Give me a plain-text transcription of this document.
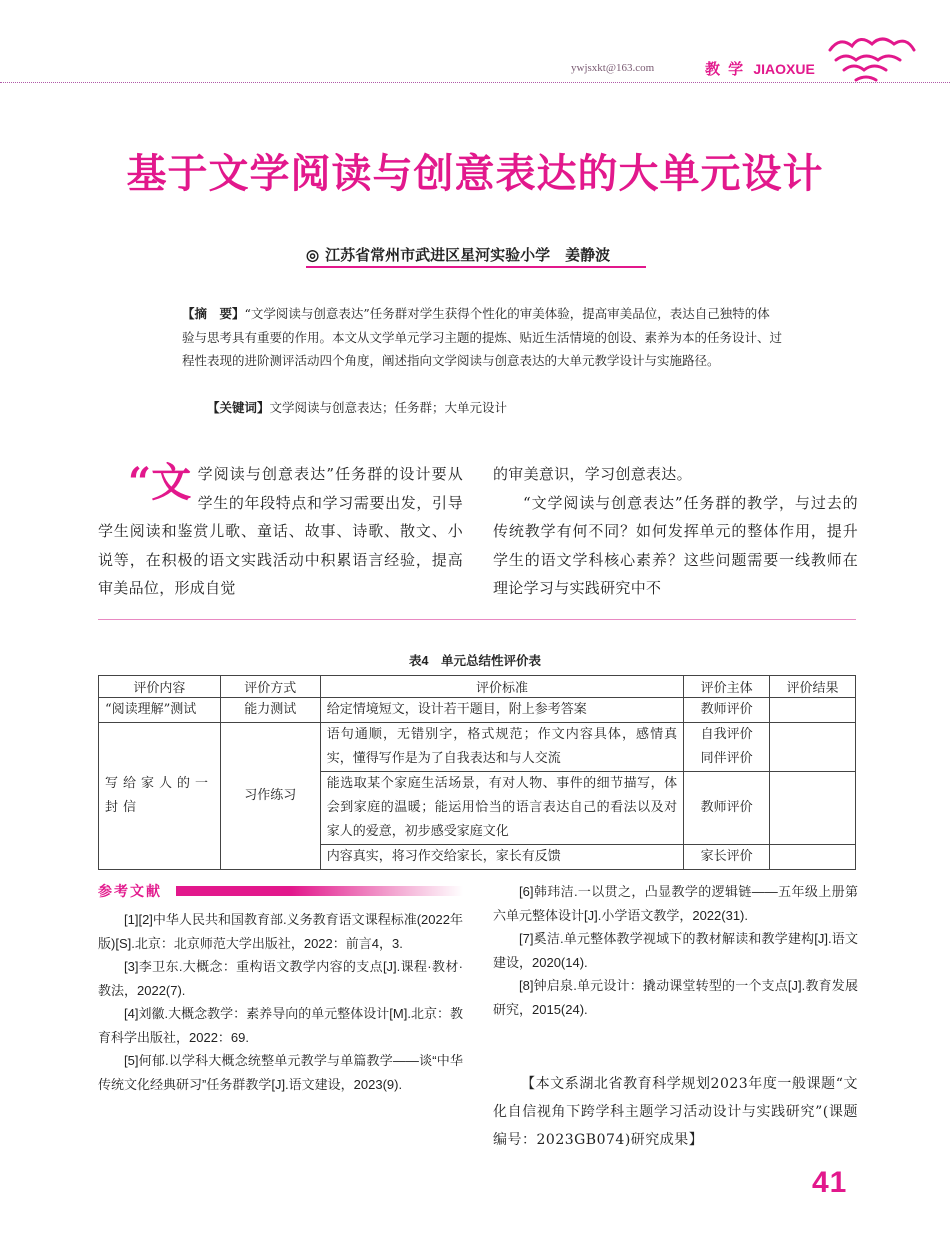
ywjsxkt@163.com	教 学 JIAOXUE
基于文学阅读与创意表达的大单元设计
◎ 江苏省常州市武进区星河实验小学　姜静波
【摘　要】“文学阅读与创意表达”任务群对学生获得个性化的审美体验，提高审美品位，表达自己独特的体验与思考具有重要的作用。本文从文学单元学习主题的提炼、贴近生活情境的创设、素养为本的任务设计、过程性表现的进阶测评活动四个角度，阐述指向文学阅读与创意表达的大单元教学设计与实施路径。
【关键词】文学阅读与创意表达；任务群；大单元设计
“文学阅读与创意表达”任务群的设计要从学生的年段特点和学习需要出发，引导学生阅读和鉴赏儿歌、童话、故事、诗歌、散文、小说等，在积极的语文实践活动中积累语言经验，提高审美品位，形成自觉

的审美意识，学习创意表达。

“文学阅读与创意表达”任务群的教学，与过去的传统教学有何不同？如何发挥单元的整体作用，提升学生的语文学科核心素养？这些问题需要一线教师在理论学习与实践研究中不

表4　单元总结性评价表
评价内容	评价方式	评价标准	评价主体	评价结果
“阅读理解”测试	能力测试	给定情境短文，设计若干题目，附上参考答案	教师评价	
写给家人的一封信	习作练习	语句通顺，无错别字，格式规范；作文内容具体，感情真实，懂得写作是为了自我表达和与人交流	自我评价
同伴评价	

		能选取某个家庭生活场景，有对人物、事件的细节描写，体会到家庭的温暖；能运用恰当的语言表达自己的看法以及对家人的爱意，初步感受家庭文化	教师评价	
		内容真实，将习作交给家长，家长有反馈	家长评价	
参考文献

[1][2]中华人民共和国教育部.义务教育语文课程标准(2022年版)[S].北京：北京师范大学出版社，2022：前言4，3.

[3]李卫东.大概念：重构语文教学内容的支点[J].课程·教材·教法，2022(7).

[4]刘徽.大概念教学：素养导向的单元整体设计[M].北京：教育科学出版社，2022：69.

[5]何郁.以学科大概念统整单元教学与单篇教学——谈“中华传统文化经典研习”任务群教学[J].语文建设，2023(9).

[6]韩玮洁.一以贯之，凸显教学的逻辑链——五年级上册第六单元整体设计[J].小学语文教学，2022(31).

[7]奚洁.单元整体教学视域下的教材解读和教学建构[J].语文建设，2020(14).

[8]钟启泉.单元设计：撬动课堂转型的一个支点[J].教育发展研究，2015(24).

【本文系湖北省教育科学规划2023年度一般课题“文化自信视角下跨学科主题学习活动设计与实践研究”(课题编号：2023GB074)研究成果】
41
